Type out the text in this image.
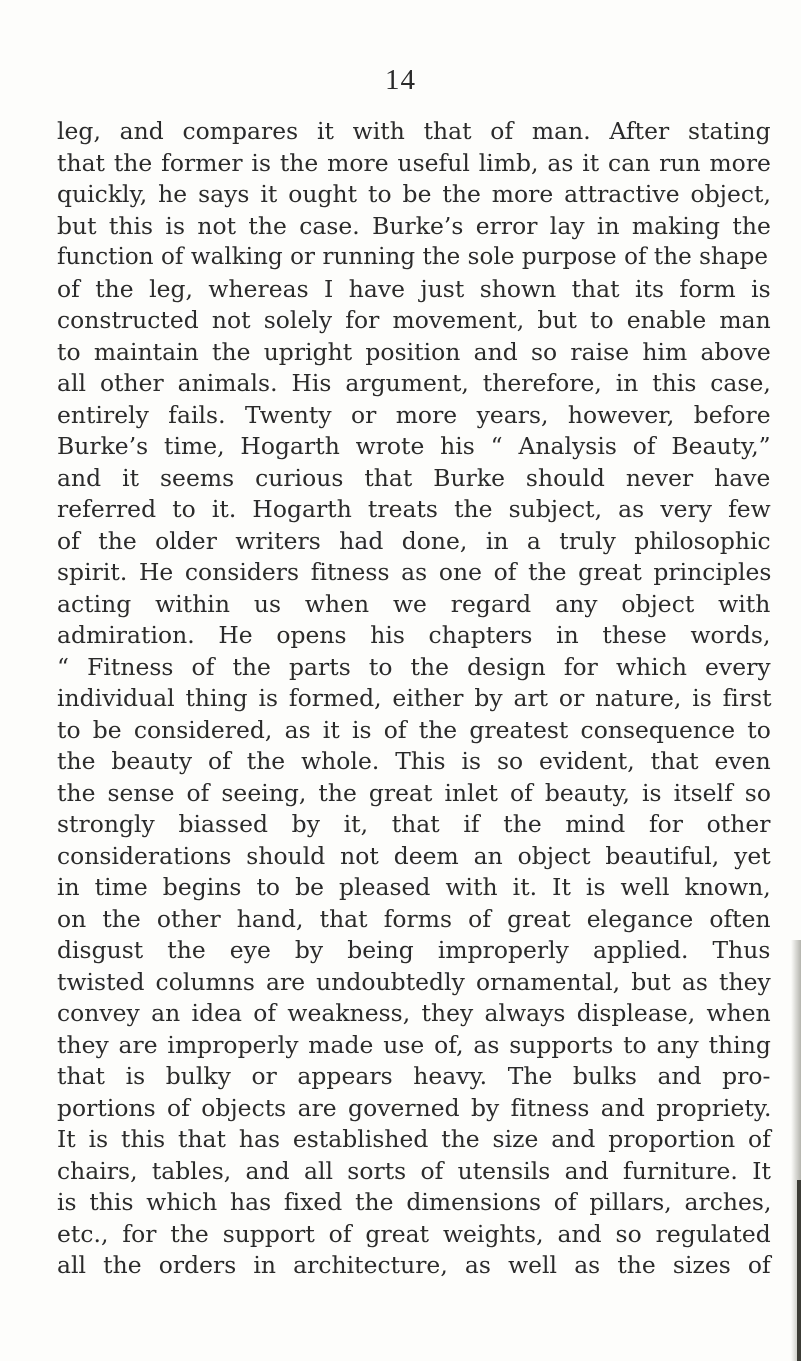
14
leg, and compares it with that of man. After stating
that the former is the more useful limb, as it can run more
quickly, he says it ought to be the more attractive object,
but this is not the case. Burke’s error lay in making the
function of walking or running the sole purpose of the shape
of the leg, whereas I have just shown that its form is
constructed not solely for movement, but to enable man
to maintain the upright position and so raise him above
all other animals. His argument, therefore, in this case,
entirely fails. Twenty or more years, however, before
Burke’s time, Hogarth wrote his “ Analysis of Beauty,”
and it seems curious that Burke should never have
referred to it. Hogarth treats the subject, as very few
of the older writers had done, in a truly philosophic
spirit. He considers fitness as one of the great principles
acting within us when we regard any object with
admiration. He opens his chapters in these words,
“ Fitness of the parts to the design for which every
individual thing is formed, either by art or nature, is first
to be considered, as it is of the greatest consequence to
the beauty of the whole. This is so evident, that even
the sense of seeing, the great inlet of beauty, is itself so
strongly biassed by it, that if the mind for other
considerations should not deem an object beautiful, yet
in time begins to be pleased with it. It is well known,
on the other hand, that forms of great elegance often
disgust the eye by being improperly applied. Thus
twisted columns are undoubtedly ornamental, but as they
convey an idea of weakness, they always displease, when
they are improperly made use of, as supports to any thing
that is bulky or appears heavy. The bulks and pro-
portions of objects are governed by fitness and propriety.
It is this that has established the size and proportion of
chairs, tables, and all sorts of utensils and furniture. It
is this which has fixed the dimensions of pillars, arches,
etc., for the support of great weights, and so regulated
all the orders in architecture, as well as the sizes of
